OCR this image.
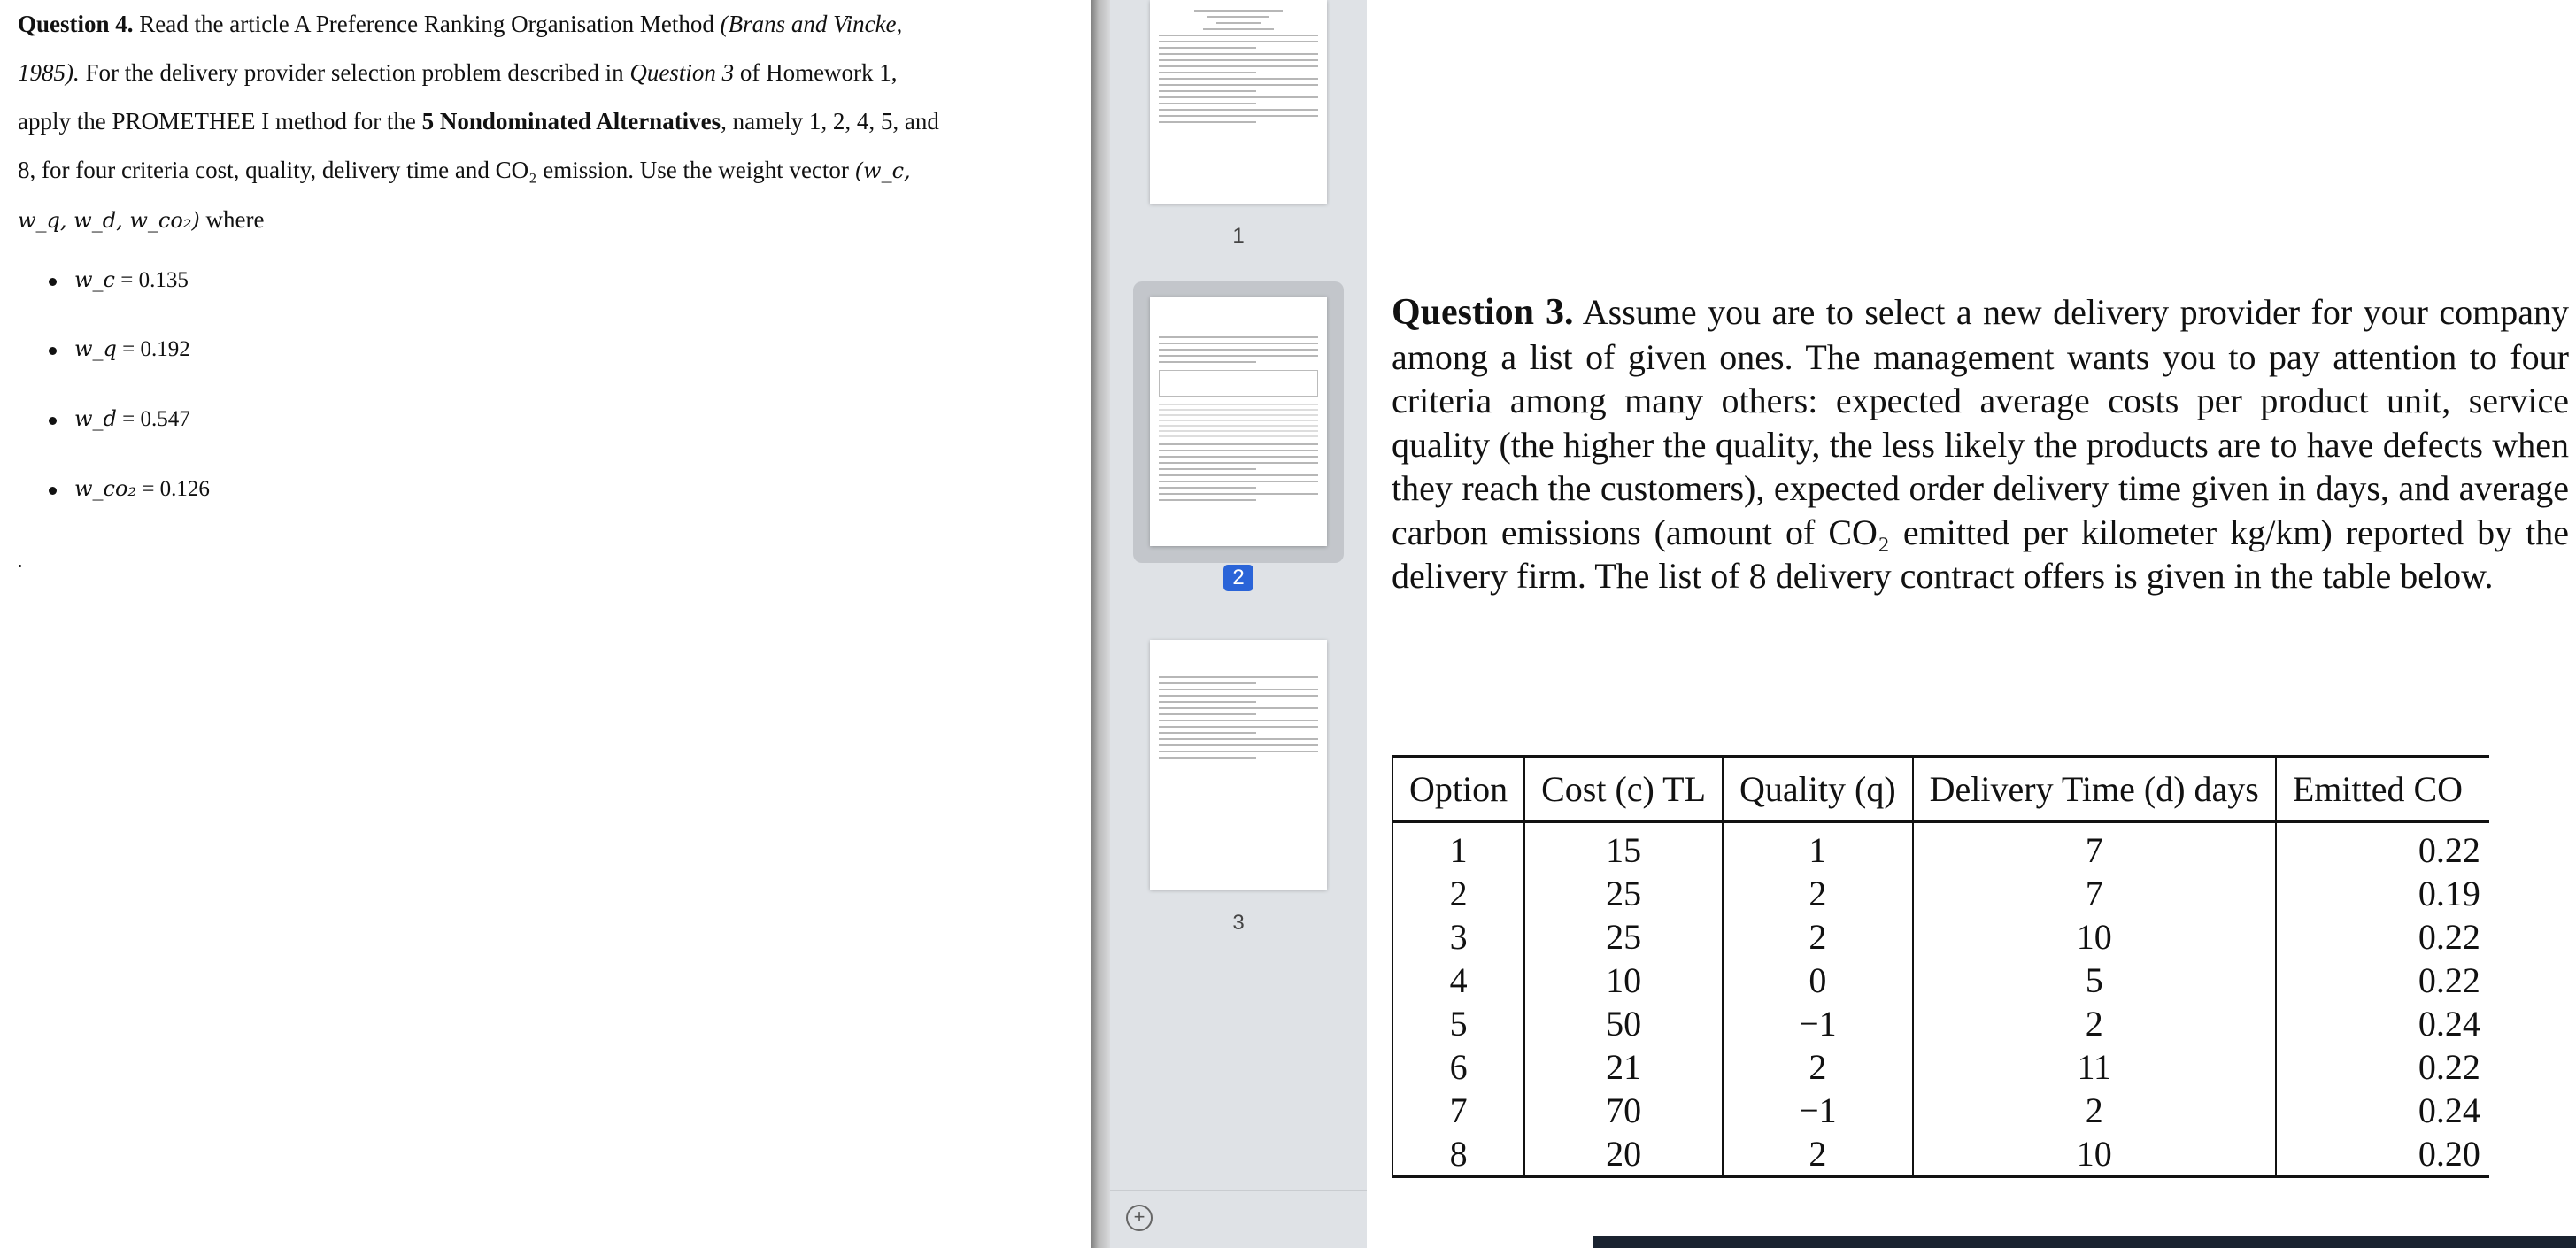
Question 4. Read the article A Preference Ranking Organisation Method (Brans and Vincke, 1985). For the delivery provider selection problem described in Question 3 of Homework 1, apply the PROMETHEE I method for the 5 Nondominated Alternatives, namely 1, 2, 4, 5, and 8, for four criteria cost, quality, delivery time and CO₂ emission. Use the weight vector (w_c, w_q, w_d, w_co₂) where
w_c = 0.135
w_q = 0.192
w_d = 0.547
w_co₂ = 0.126
1
2
3
+
Question 3. Assume you are to select a new delivery provider for your company among a list of given ones. The management wants you to pay attention to four criteria among many others: expected average costs per product unit, service quality (the higher the quality, the less likely the products are to have defects when they reach the customers), expected order delivery time given in days, and average carbon emissions (amount of CO₂ emitted per kilometer kg/km) reported by the delivery firm. The list of 8 delivery contract offers is given in the table below.
Option	Cost (c) TL	Quality (q)	Delivery Time (d) days	Emitted CO
1	15	1	7	0.22
2	25	2	7	0.19
3	25	2	10	0.22
4	10	0	5	0.22
5	50	−1	2	0.24
6	21	2	11	0.22
7	70	−1	2	0.24
8	20	2	10	0.20
